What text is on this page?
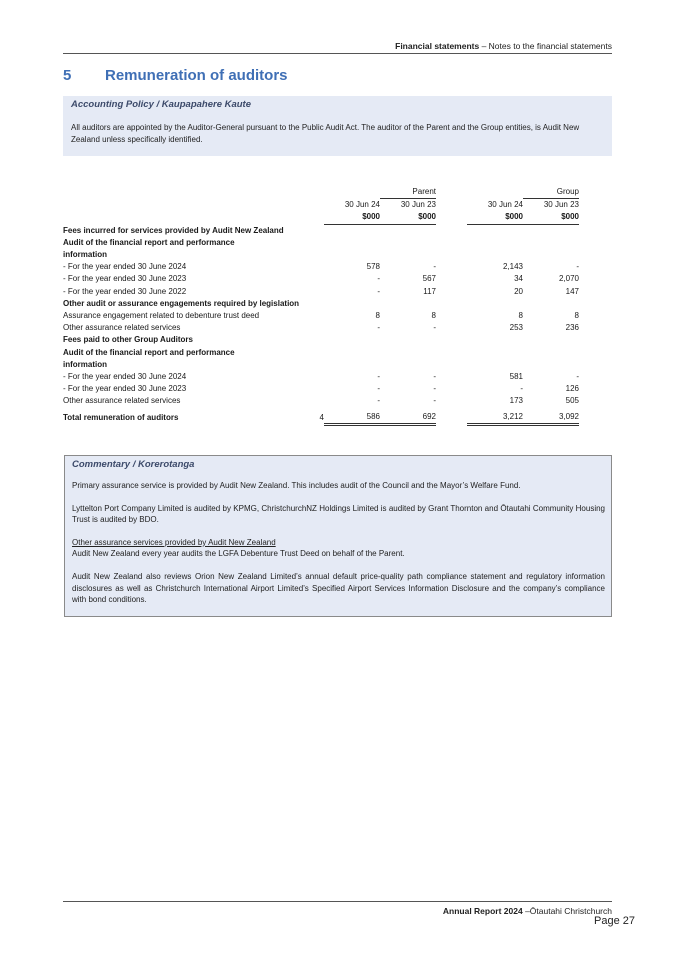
Financial statements – Notes to the financial statements
5 Remuneration of auditors
Accounting Policy / Kaupapahere Kaute

All auditors are appointed by the Auditor-General pursuant to the Public Audit Act. The auditor of the Parent and the Group entities, is Audit New Zealand unless specifically identified.

			Parent			Group
		30 Jun 24	30 Jun 23		30 Jun 24	30 Jun 23
		$000	$000		$000	$000
Fees incurred for services provided by Audit New Zealand						
Audit of the financial report and performance						
information						
- For the year ended 30 June 2024		578	-		2,143	-
- For the year ended 30 June 2023		-	567		34	2,070
- For the year ended 30 June 2022		-	117		20	147
Other audit or assurance engagements required by legislation						
Assurance engagement related to debenture trust deed		8	8		8	8
Other assurance related services		-	-		253	236
Fees paid to other Group Auditors						
Audit of the financial report and performance						
information						
- For the year ended 30 June 2024		-	-		581	-
- For the year ended 30 June 2023		-	-		-	126
Other assurance related services		-	-		173	505
Total remuneration of auditors	4	586	692		3,212	3,092
Commentary / Korerotanga

Primary assurance service is provided by Audit New Zealand. This includes audit of the Council and the Mayor’s Welfare Fund.

Lyttelton Port Company Limited is audited by KPMG, ChristchurchNZ Holdings Limited is audited by Grant Thornton and Ōtautahi Community Housing Trust is audited by BDO.

Other assurance services provided by Audit New Zealand
Audit New Zealand every year audits the LGFA Debenture Trust Deed on behalf of the Parent.

Audit New Zealand also reviews Orion New Zealand Limited’s annual default price-quality path compliance statement and regulatory information disclosures as well as Christchurch International Airport Limited’s Specified Airport Services Information Disclosure and the company’s compliance with bond conditions.

Annual Report 2024 –Ōtautahi Christchurch
Page 27
